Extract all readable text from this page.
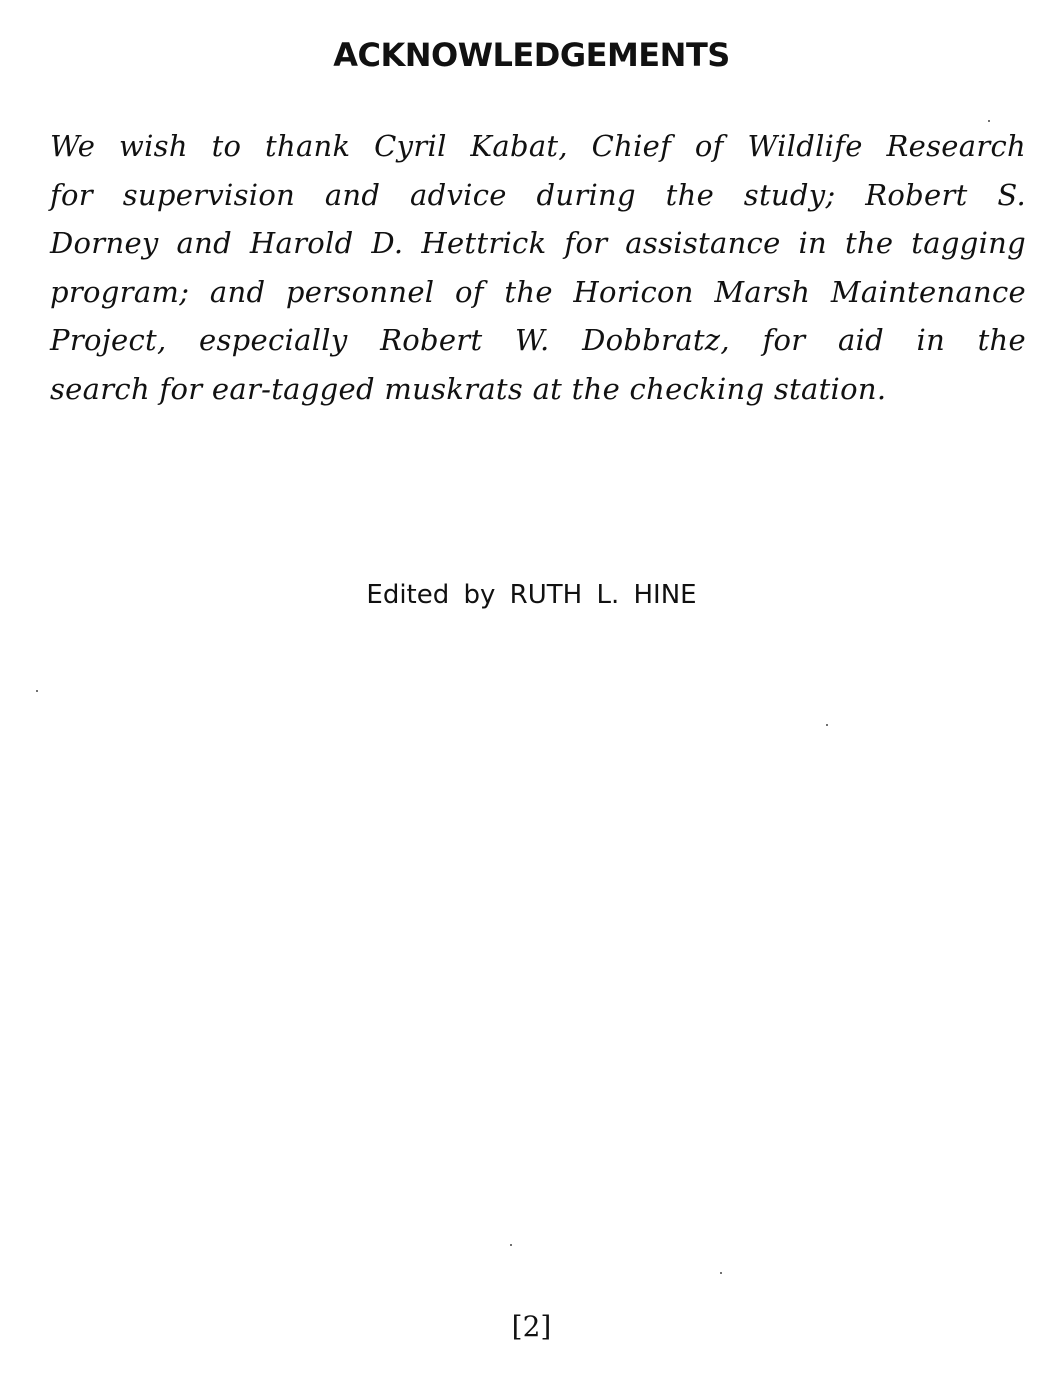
ACKNOWLEDGEMENTS
We wish to thank Cyril Kabat, Chief of Wildlife Research
for supervision and advice during the study; Robert S.
Dorney and Harold D. Hettrick for assistance in the tagging
program; and personnel of the Horicon Marsh Maintenance
Project, especially Robert W. Dobbratz, for aid in the
search for ear-tagged muskrats at the checking station.
Edited by RUTH L. HINE
[2]
